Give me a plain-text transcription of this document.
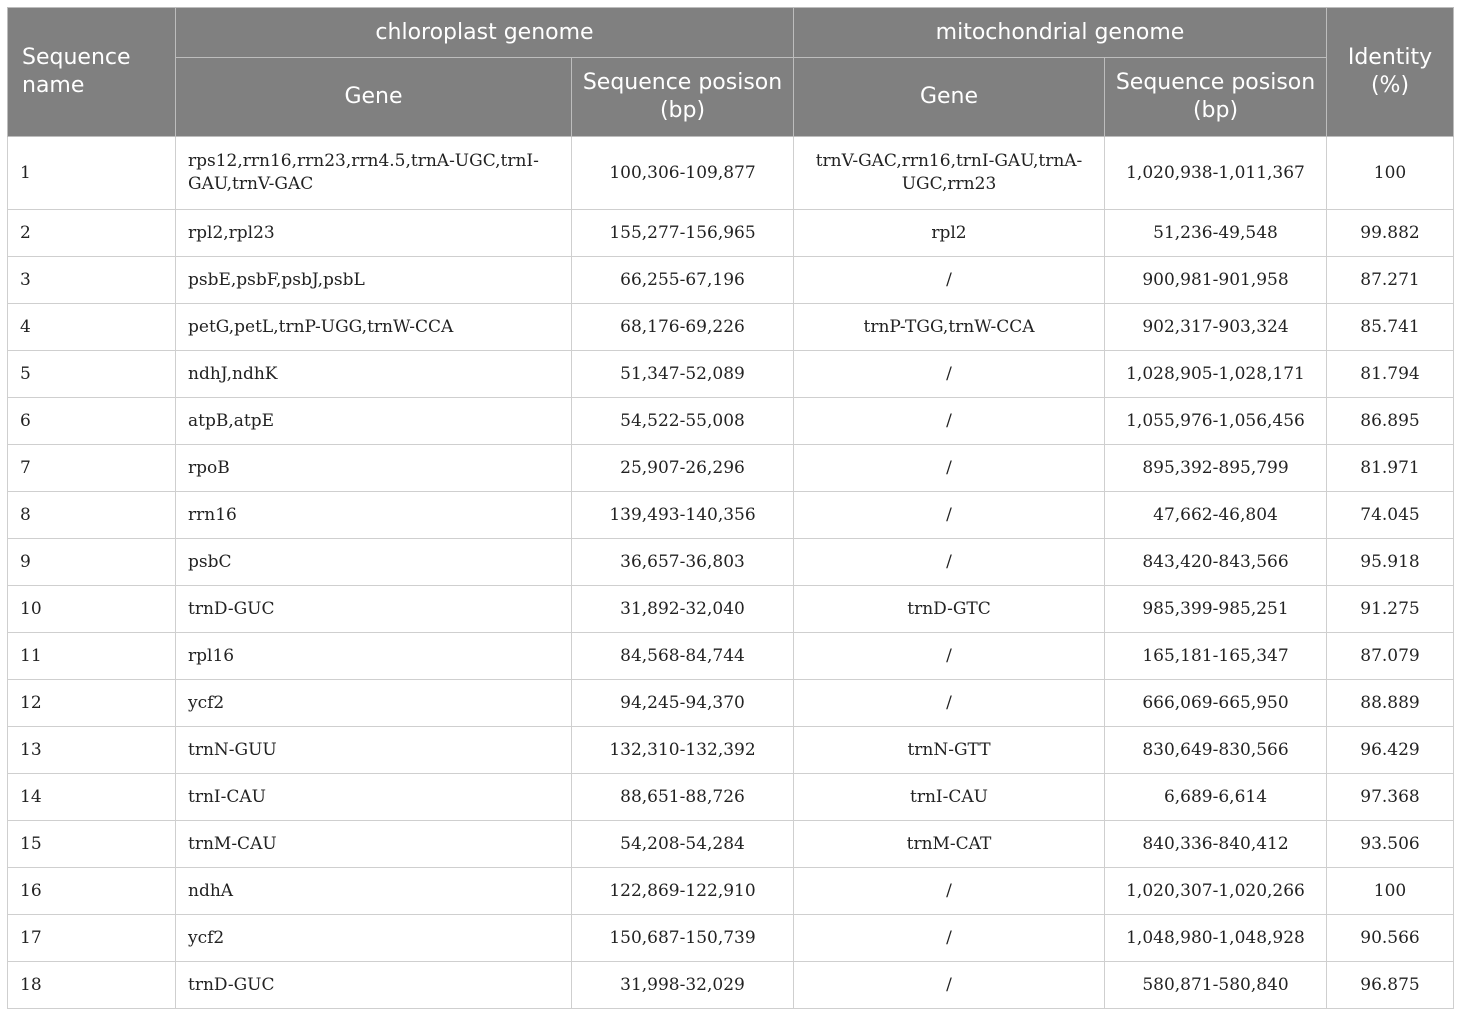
Sequence name	chloroplast genome		mitochondrial genome		Identity (%)
	Gene	Sequence posison (bp)	Gene	Sequence posison (bp)	
1	rps12,rrn16,rrn23,rrn4.5,trnA-UGC,trnI-GAU,trnV-GAC	100,306-109,877	trnV-GAC,rrn16,trnI-GAU,trnA-UGC,rrn23	1,020,938-1,011,367	100
2	rpl2,rpl23	155,277-156,965	rpl2	51,236-49,548	99.882
3	psbE,psbF,psbJ,psbL	66,255-67,196	/	900,981-901,958	87.271
4	petG,petL,trnP-UGG,trnW-CCA	68,176-69,226	trnP-TGG,trnW-CCA	902,317-903,324	85.741
5	ndhJ,ndhK	51,347-52,089	/	1,028,905-1,028,171	81.794
6	atpB,atpE	54,522-55,008	/	1,055,976-1,056,456	86.895
7	rpoB	25,907-26,296	/	895,392-895,799	81.971
8	rrn16	139,493-140,356	/	47,662-46,804	74.045
9	psbC	36,657-36,803	/	843,420-843,566	95.918
10	trnD-GUC	31,892-32,040	trnD-GTC	985,399-985,251	91.275
11	rpl16	84,568-84,744	/	165,181-165,347	87.079
12	ycf2	94,245-94,370	/	666,069-665,950	88.889
13	trnN-GUU	132,310-132,392	trnN-GTT	830,649-830,566	96.429
14	trnI-CAU	88,651-88,726	trnI-CAU	6,689-6,614	97.368
15	trnM-CAU	54,208-54,284	trnM-CAT	840,336-840,412	93.506
16	ndhA	122,869-122,910	/	1,020,307-1,020,266	100
17	ycf2	150,687-150,739	/	1,048,980-1,048,928	90.566
18	trnD-GUC	31,998-32,029	/	580,871-580,840	96.875
